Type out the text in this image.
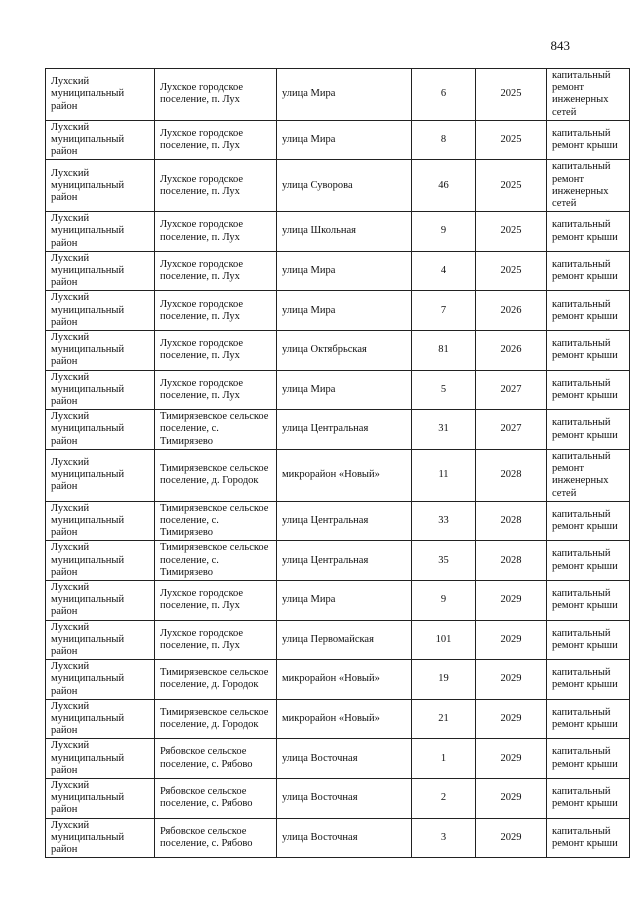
843
Лухский муниципальный район	Лухское городское поселение, п. Лух	улица Мира	6	2025	капитальный ремонт инженерных сетей
Лухский муниципальный район	Лухское городское поселение, п. Лух	улица Мира	8	2025	капитальный ремонт крыши
Лухский муниципальный район	Лухское городское поселение, п. Лух	улица Суворова	46	2025	капитальный ремонт инженерных сетей
Лухский муниципальный район	Лухское городское поселение, п. Лух	улица Школьная	9	2025	капитальный ремонт крыши
Лухский муниципальный район	Лухское городское поселение, п. Лух	улица Мира	4	2025	капитальный ремонт крыши
Лухский муниципальный район	Лухское городское поселение, п. Лух	улица Мира	7	2026	капитальный ремонт крыши
Лухский муниципальный район	Лухское городское поселение, п. Лух	улица Октябрьская	81	2026	капитальный ремонт крыши
Лухский муниципальный район	Лухское городское поселение, п. Лух	улица Мира	5	2027	капитальный ремонт крыши
Лухский муниципальный район	Тимирязевское сельское поселение, с. Тимирязево	улица Центральная	31	2027	капитальный ремонт крыши
Лухский муниципальный район	Тимирязевское сельское поселение, д. Городок	микрорайон «Новый»	11	2028	капитальный ремонт инженерных сетей
Лухский муниципальный район	Тимирязевское сельское поселение, с. Тимирязево	улица Центральная	33	2028	капитальный ремонт крыши
Лухский муниципальный район	Тимирязевское сельское поселение, с. Тимирязево	улица Центральная	35	2028	капитальный ремонт крыши
Лухский муниципальный район	Лухское городское поселение, п. Лух	улица Мира	9	2029	капитальный ремонт крыши
Лухский муниципальный район	Лухское городское поселение, п. Лух	улица Первомайская	101	2029	капитальный ремонт крыши
Лухский муниципальный район	Тимирязевское сельское поселение, д. Городок	микрорайон «Новый»	19	2029	капитальный ремонт крыши
Лухский муниципальный район	Тимирязевское сельское поселение, д. Городок	микрорайон «Новый»	21	2029	капитальный ремонт крыши
Лухский муниципальный район	Рябовское сельское поселение, с. Рябово	улица Восточная	1	2029	капитальный ремонт крыши
Лухский муниципальный район	Рябовское сельское поселение, с. Рябово	улица Восточная	2	2029	капитальный ремонт крыши
Лухский муниципальный район	Рябовское сельское поселение, с. Рябово	улица Восточная	3	2029	капитальный ремонт крыши
